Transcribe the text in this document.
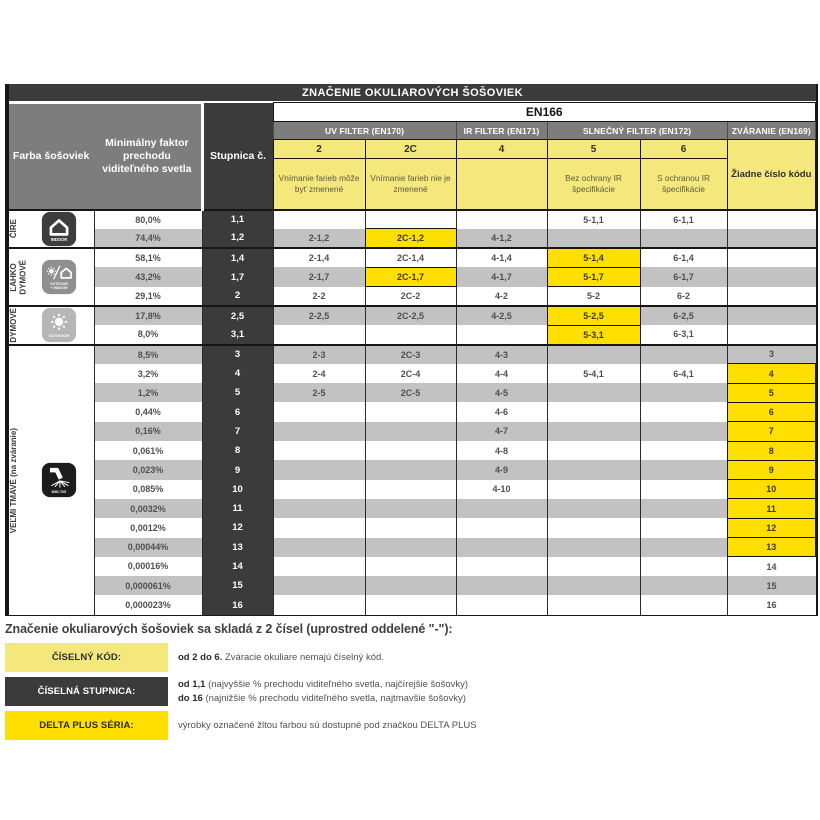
ZNAČENIE OKULIAROVÝCH ŠOŠOVIEK
Farba šošoviek
Minimálny faktor prechodu viditeľného svetla		Stupnica č.	EN166					
			UV FILTER (EN170)		IR FILTER (EN171)	SLNEČNÝ FILTER (EN172)		ZVÁRANIE (EN169)
			2	2C	4	5	6	Žiadne číslo kódu
			Vnímanie farieb môže byť zmenené	Vnímanie farieb nie je zmenené		Bez ochrany IR špecifikácie	S ochranou IR špecifikácie	

ČÍRE
INDOOR	80,0%	1,1				5-1,1	6-1,1	
	74,4%	1,2	2-1,2	2C-1,2	4-1,2			

ĽAHKO
DYMOVÉ OUTDOOR
+ INDOOR	58,1%	1,4	2-1,4	2C-1,4	4-1,4	5-1,4	6-1,4	
	43,2%	1,7	2-1,7	2C-1,7	4-1,7	5-1,7	6-1,7	
	29,1%	2	2-2	2C-2	4-2	5-2	6-2	

DYMOVÉ OUTDOOR	17,8%	2,5	2-2,5	2C-2,5	4-2,5	5-2,5	6-2,5	
	8,0%	3,1				5-3,1	6-3,1	

VEĽMI TMAVÉ (na zváranie) MIG-TIG	8,5%	3	2-3	2C-3	4-3			3
	3,2%	4	2-4	2C-4	4-4	5-4,1	6-4,1	4
	1,2%	5	2-5	2C-5	4-5			5
	0,44%	6			4-6			6
	0,16%	7			4-7			7
	0,061%	8			4-8			8
	0,023%	9			4-9			9
	0,085%	10			4-10			10
	0,0032%	11						11
	0,0012%	12						12
	0,00044%	13						13
	0,00016%	14						14
	0,000061%	15						15
	0,000023%	16						16

Značenie okuliarových šošoviek sa skladá z 2 čísel (uprostred oddelené "-"):

ČÍSELNÝ KÓD:	od 2 do 6. Zváracie okuliare nemajú číselný kód.
ČÍSELNÁ STUPNICA:
od 1,1 (najvyššie % prechodu viditeľného svetla, najčírejšie šošovky)
do 16 (najnižšie % prechodu viditeľného svetla, najtmavšie šošovky)
DELTA PLUS SÉRIA:	výrobky označené žltou farbou sú dostupné pod značkou DELTA PLUS
